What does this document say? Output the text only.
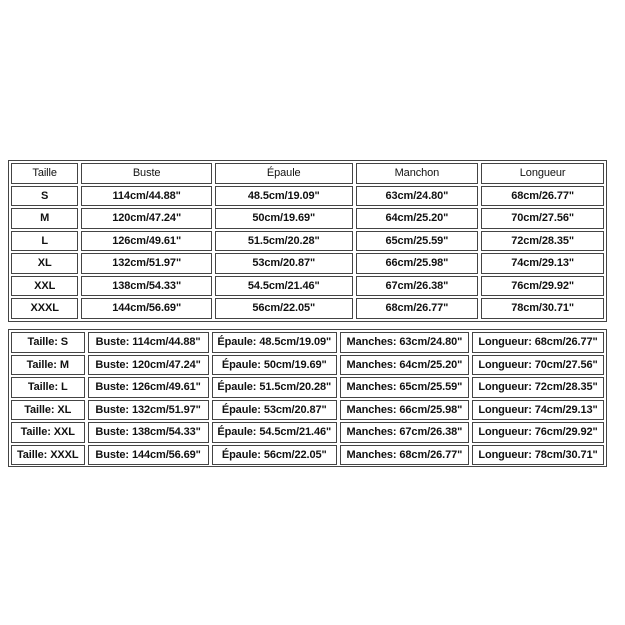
Taille	Buste	Épaule	Manchon	Longueur
S	114cm/44.88"	48.5cm/19.09"	63cm/24.80"	68cm/26.77"
M	120cm/47.24"	50cm/19.69"	64cm/25.20"	70cm/27.56"
L	126cm/49.61"	51.5cm/20.28"	65cm/25.59"	72cm/28.35"
XL	132cm/51.97"	53cm/20.87"	66cm/25.98"	74cm/29.13"
XXL	138cm/54.33"	54.5cm/21.46"	67cm/26.38"	76cm/29.92"
XXXL	144cm/56.69"	56cm/22.05"	68cm/26.77"	78cm/30.71"
Taille: S	Buste: 114cm/44.88"	Épaule: 48.5cm/19.09"	Manches: 63cm/24.80"	Longueur: 68cm/26.77"
Taille: M	Buste: 120cm/47.24"	Épaule: 50cm/19.69"	Manches: 64cm/25.20"	Longueur: 70cm/27.56"
Taille: L	Buste: 126cm/49.61"	Épaule: 51.5cm/20.28"	Manches: 65cm/25.59"	Longueur: 72cm/28.35"
Taille: XL	Buste: 132cm/51.97"	Épaule: 53cm/20.87"	Manches: 66cm/25.98"	Longueur: 74cm/29.13"
Taille: XXL	Buste: 138cm/54.33"	Épaule: 54.5cm/21.46"	Manches: 67cm/26.38"	Longueur: 76cm/29.92"
Taille: XXXL	Buste: 144cm/56.69"	Épaule: 56cm/22.05"	Manches: 68cm/26.77"	Longueur: 78cm/30.71"
